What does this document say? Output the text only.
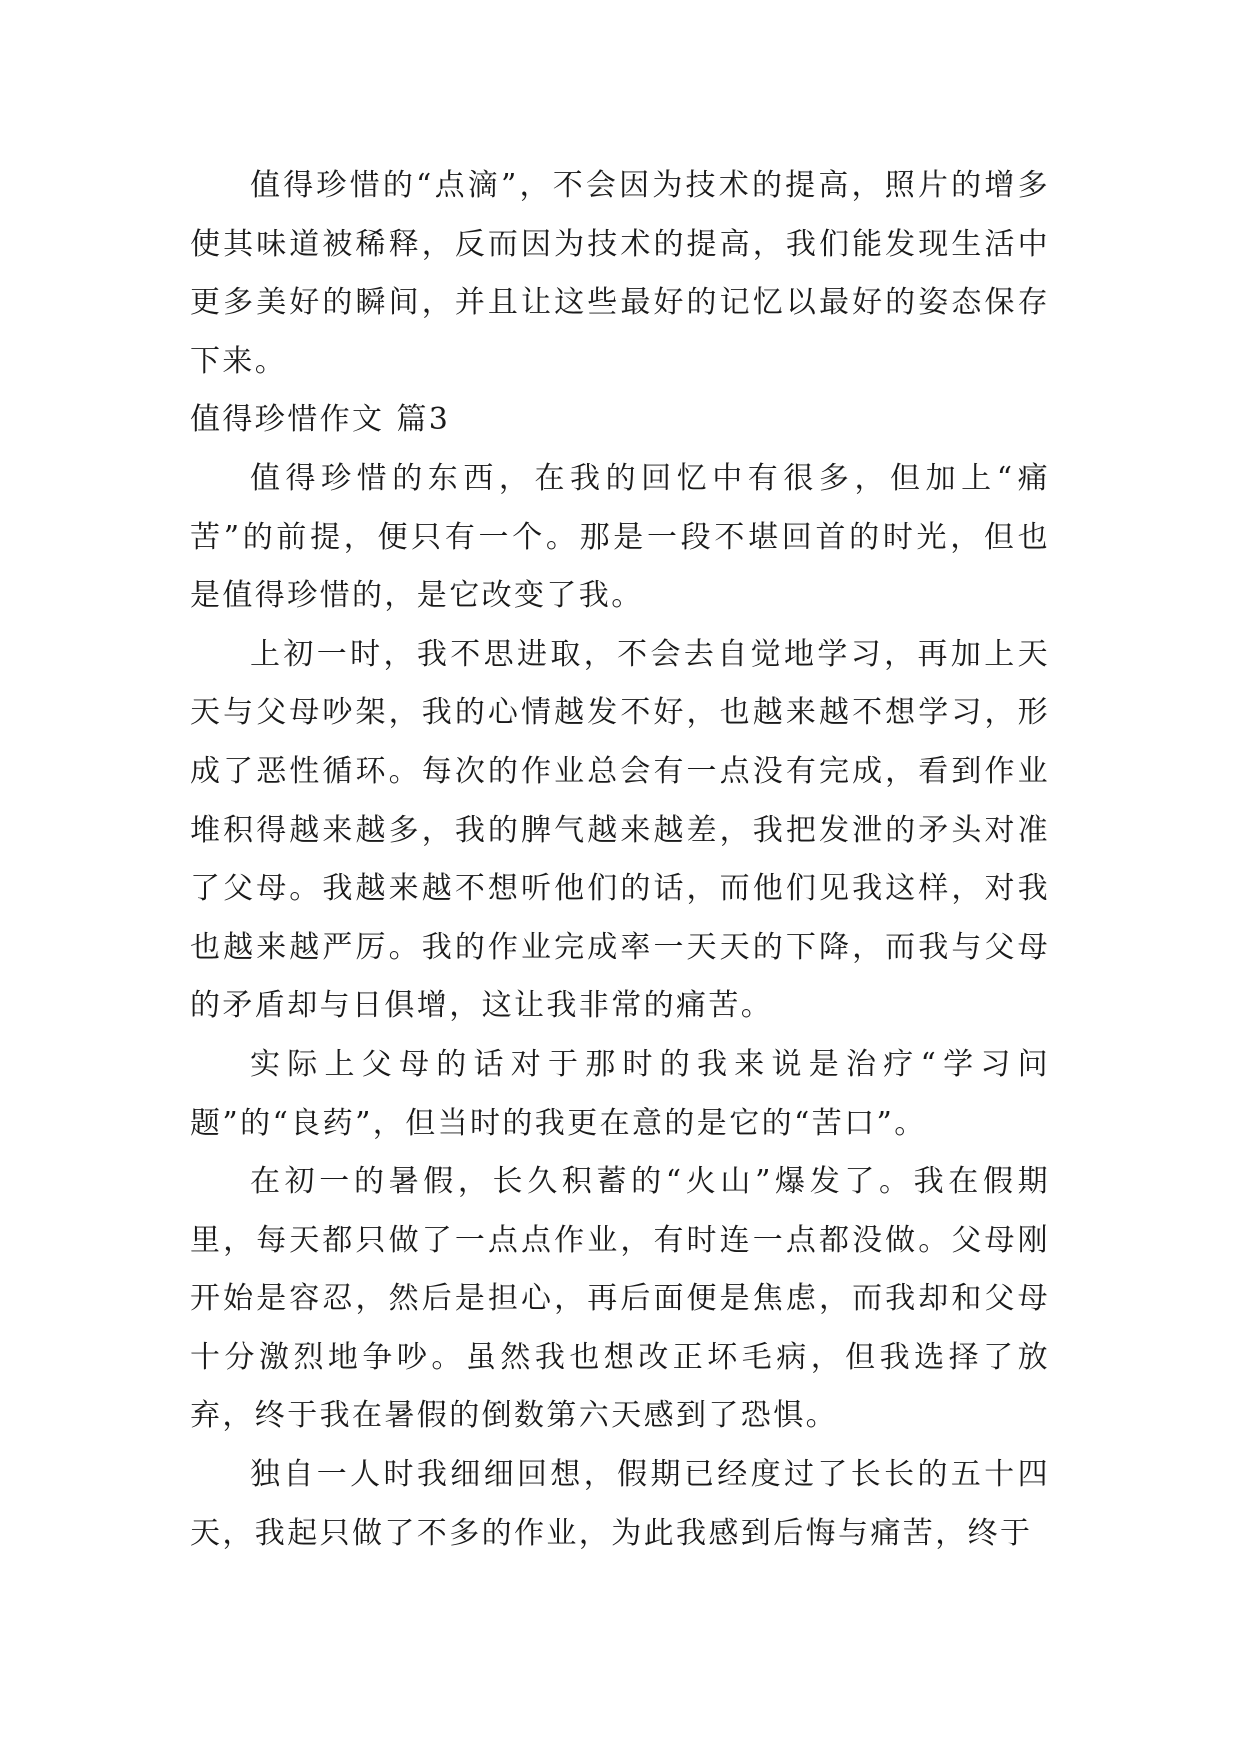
值得珍惜的“点滴”，不会因为技术的提高，照片的增多使其味道被稀释，反而因为技术的提高，我们能发现生活中更多美好的瞬间，并且让这些最好的记忆以最好的姿态保存下来。

值得珍惜作文 篇3

值得珍惜的东西，在我的回忆中有很多，但加上“痛苦”的前提，便只有一个。那是一段不堪回首的时光，但也是值得珍惜的，是它改变了我。

上初一时，我不思进取，不会去自觉地学习，再加上天天与父母吵架，我的心情越发不好，也越来越不想学习，形成了恶性循环。每次的作业总会有一点没有完成，看到作业堆积得越来越多，我的脾气越来越差，我把发泄的矛头对准了父母。我越来越不想听他们的话，而他们见我这样，对我也越来越严厉。我的作业完成率一天天的下降，而我与父母的矛盾却与日俱增，这让我非常的痛苦。

实际上父母的话对于那时的我来说是治疗“学习问题”的“良药”，但当时的我更在意的是它的“苦口”。

在初一的暑假，长久积蓄的“火山”爆发了。我在假期里，每天都只做了一点点作业，有时连一点都没做。父母刚开始是容忍，然后是担心，再后面便是焦虑，而我却和父母十分激烈地争吵。虽然我也想改正坏毛病，但我选择了放弃，终于我在暑假的倒数第六天感到了恐惧。

独自一人时我细细回想，假期已经度过了长长的五十四天，我起只做了不多的作业，为此我感到后悔与痛苦，终于
